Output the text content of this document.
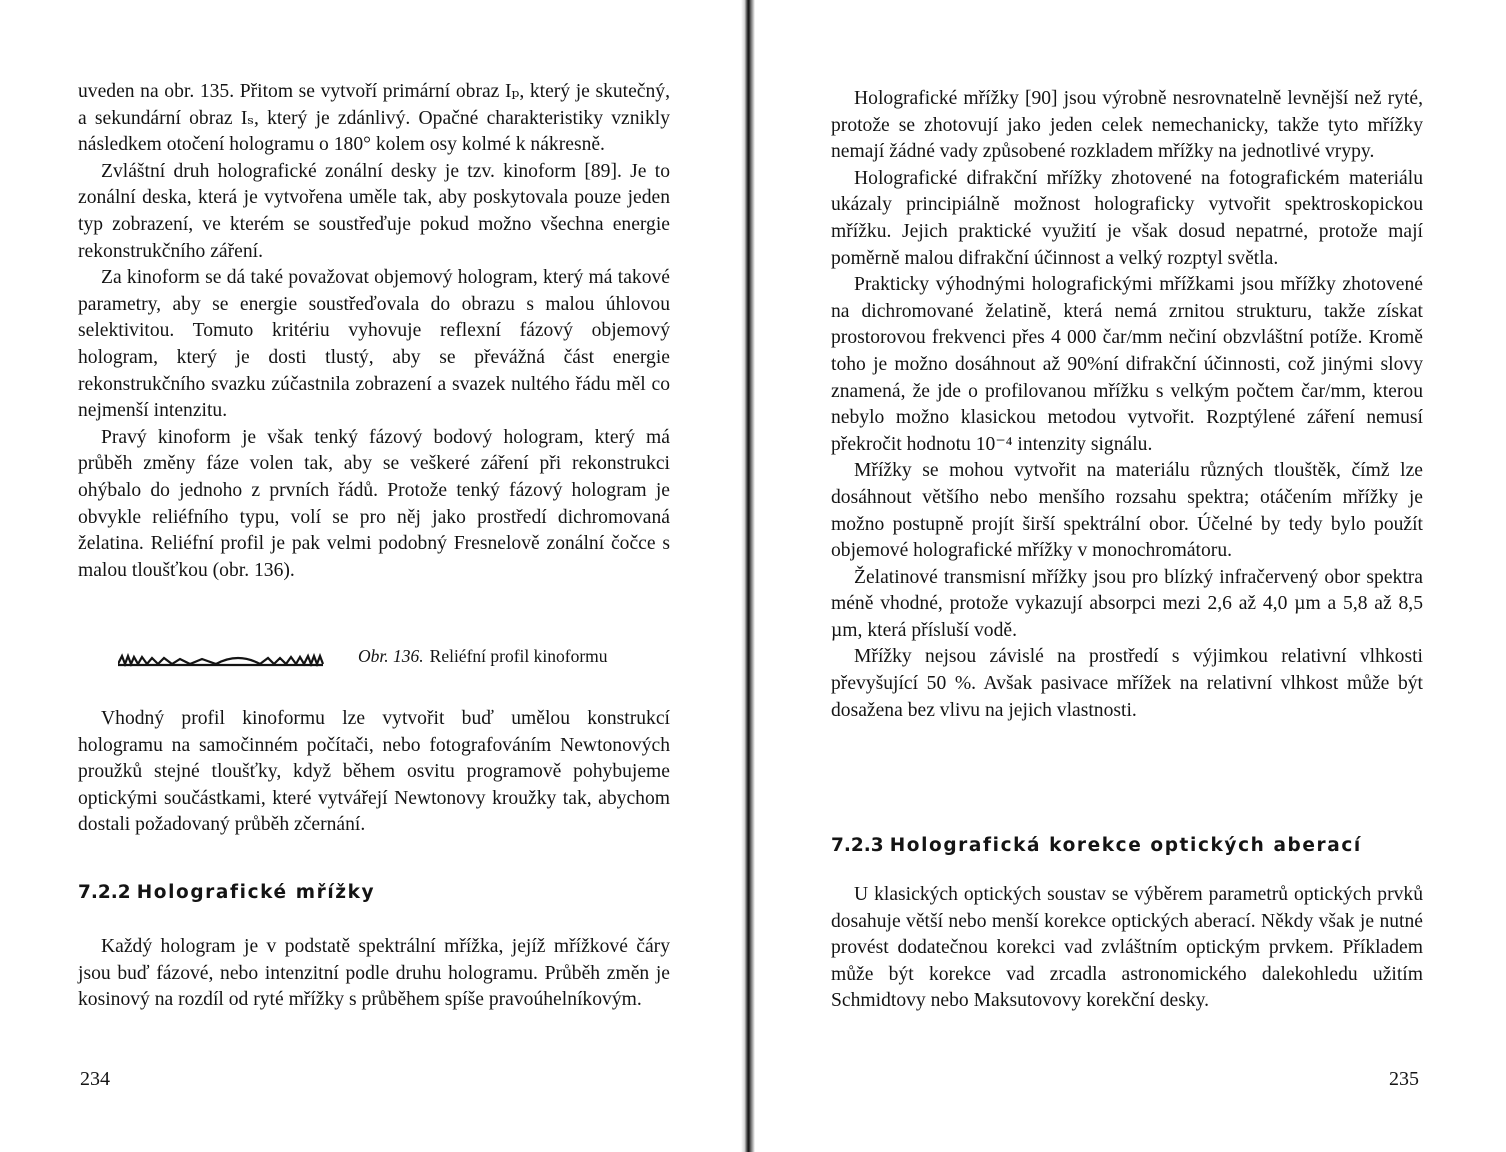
uveden na obr. 135. Přitom se vytvoří primární obraz Iₚ, který je skutečný, a sekundární obraz Iₛ, který je zdánlivý. Opačné charakteristiky vznikly následkem otočení hologramu o 180° kolem osy kolmé k nákresně.

Zvláštní druh holografické zonální desky je tzv. kinoform [89]. Je to zonální deska, která je vytvořena uměle tak, aby poskytovala pouze jeden typ zobrazení, ve kterém se soustřeďuje pokud možno všechna energie rekonstrukčního záření.

Za kinoform se dá také považovat objemový hologram, který má takové parametry, aby se energie soustřeďovala do obrazu s malou úhlovou selektivitou. Tomuto kritériu vyhovuje reflexní fázový objemový hologram, který je dosti tlustý, aby se převážná část energie rekonstrukčního svazku zúčastnila zobrazení a svazek nultého řádu měl co nejmenší intenzitu.

Pravý kinoform je však tenký fázový bodový hologram, který má průběh změny fáze volen tak, aby se veškeré záření při rekonstrukci ohýbalo do jednoho z prvních řádů. Protože tenký fázový hologram je obvykle reliéfního typu, volí se pro něj jako prostředí dichromovaná želatina. Reliéfní profil je pak velmi podobný Fresnelově zonální čočce s malou tloušťkou (obr. 136).

Obr. 136. Reliéfní profil kinoformu

Vhodný profil kinoformu lze vytvořit buď umělou konstrukcí hologramu na samočinném počítači, nebo fotografováním Newtonových proužků stejné tloušťky, když během osvitu programově pohybujeme optickými součástkami, které vytvářejí Newtonovy kroužky tak, abychom dostali požadovaný průběh zčernání.

7.2.2 Holografické mřížky

Každý hologram je v podstatě spektrální mřížka, jejíž mřížkové čáry jsou buď fázové, nebo intenzitní podle druhu hologramu. Průběh změn je kosinový na rozdíl od ryté mřížky s průběhem spíše pravoúhelníkovým.

234

Holografické mřížky [90] jsou výrobně nesrovnatelně levnější než ryté, protože se zhotovují jako jeden celek nemechanicky, takže tyto mřížky nemají žádné vady způsobené rozkladem mřížky na jednotlivé vrypy.

Holografické difrakční mřížky zhotovené na fotografickém materiálu ukázaly principiálně možnost holograficky vytvořit spektroskopickou mřížku. Jejich praktické využití je však dosud nepatrné, protože mají poměrně malou difrakční účinnost a velký rozptyl světla.

Prakticky výhodnými holografickými mřížkami jsou mřížky zhotovené na dichromované želatině, která nemá zrnitou strukturu, takže získat prostorovou frekvenci přes 4 000 čar/mm nečiní obzvláštní potíže. Kromě toho je možno dosáhnout až 90%ní difrakční účinnosti, což jinými slovy znamená, že jde o profilovanou mřížku s velkým počtem čar/mm, kterou nebylo možno klasickou metodou vytvořit. Rozptýlené záření nemusí překročit hodnotu 10⁻⁴ intenzity signálu.

Mřížky se mohou vytvořit na materiálu různých tlouštěk, čímž lze dosáhnout většího nebo menšího rozsahu spektra; otáčením mřížky je možno postupně projít širší spektrální obor. Účelné by tedy bylo použít objemové holografické mřížky v monochromátoru.

Želatinové transmisní mřížky jsou pro blízký infračervený obor spektra méně vhodné, protože vykazují absorpci mezi 2,6 až 4,0 µm a 5,8 až 8,5 µm, která přísluší vodě.

Mřížky nejsou závislé na prostředí s výjimkou relativní vlhkosti převyšující 50 %. Avšak pasivace mřížek na relativní vlhkost může být dosažena bez vlivu na jejich vlastnosti.

7.2.3 Holografická korekce optických aberací

U klasických optických soustav se výběrem parametrů optických prvků dosahuje větší nebo menší korekce optických aberací. Někdy však je nutné provést dodatečnou korekci vad zvláštním optickým prvkem. Příkladem může být korekce vad zrcadla astronomického dalekohledu užitím Schmidtovy nebo Maksutovovy korekční desky.

235
